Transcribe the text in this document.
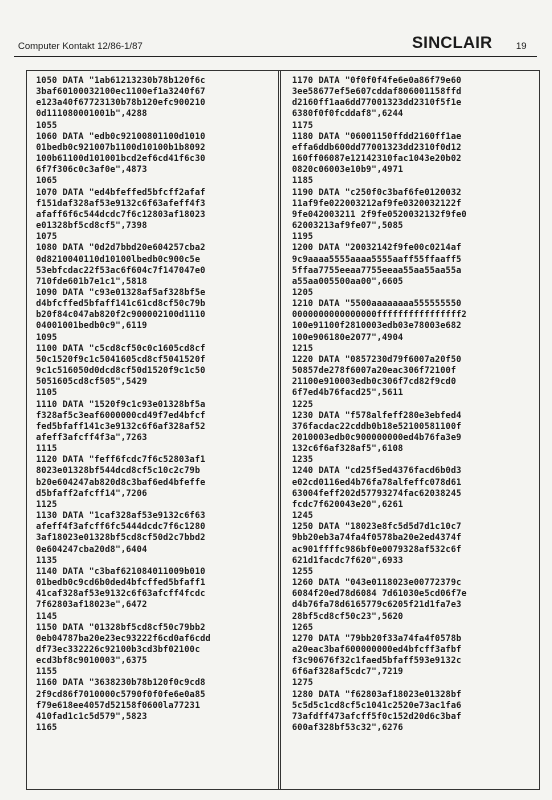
Computer Kontakt 12/86-1/87	SINCLAIR 19
1050 DATA "1ab61213230b78b120f6c
3baf60100032100ec1100ef1a3240f67
e123a40f67723130b78b120efc900210
0d111080001001b",4288
1055
1060 DATA "edb0c92100801100d1010
01bedb0c921007b1100d10100b1b8092
100b61100d101001bcd2ef6cd41f6c30
6f7f306c0c3af0e",4873
1065
1070 DATA "ed4bfeffed5bfcff2afaf
f151daf328af53e9132c6f63afeff4f3
afaff6f6c544dcdc7f6c12803af18023
e01328bf5cd8cf5",7398
1075
1080 DATA "0d2d7bbd20e604257cba2
0d8210040110d10100lbedb0c900c5e
53ebfcdac22f53ac6f604c7f147047e0
710fde601b7e1c1",5818
1090 DATA "c93e01328af5af328bf5e
d4bfcffed5bfaff141c61cd8cf50c79b
b20f84c047ab820f2c900002100d1110
04001001bedb0c9",6119
1095
1100 DATA "c5cd8cf50c0c1605cd8cf
50c1520f9c1c5041605cd8cf5041520f
9c1c516050d0dcd8cf50d1520f9c1c50
5051605cd8cf505",5429
1105
1110 DATA "1520f9c1c93e01328bf5a
f328af5c3eaf6000000cd49f7ed4bfcf
fed5bfaff141c3e9132c6f6af328af52
afeff3afcff4f3a",7263
1115
1120 DATA "feff6fcdc7f6c52803af1
8023e01328bf544dcd8cf5c10c2c79b
b20e604247ab820d8c3baf6ed4bfeffe
d5bfaff2afcff14",7206
1125
1130 DATA "1caf328af53e9132c6f63
afeff4f3afcff6fc5444dcdc7f6c1280
3af18023e01328bf5cd8cf50d2c7bbd2
0e604247cba20d8",6404
1135
1140 DATA "c3baf621084011009b010
01bedb0c9cd6b0ded4bfcffed5bfaff1
41caf328af53e9132c6f63afcff4fcdc
7f62803af18023e",6472
1145
1150 DATA "01328bf5cd8cf50c79bb2
0eb04787ba20e23ec93222f6cd0af6cdd
df73ec332226c92100b3cd3bf02100c
ecd3bf8c9010003",6375
1155
1160 DATA "3638230b78b120f0c9cd8
2f9cd86f7010000c5790f0f0fe6e0a85
f79e618ee4057d52158f0600la77231
410fad1c1c5d579",5823
1165
1170 DATA "0f0f0f4fe6e0a86f79e60
3ee58677ef5e607cddaf806001158ffd
d2160ff1aa6dd77001323dd2310f5f1e
6380f0f0fcddaf8",6244
1175
1180 DATA "06001150ffdd2160ff1ae
effa6ddb600dd77001323dd2310f0d12
160ff06087e12142310fac1043e20b02
0820c06003e10b9",4971
1185
1190 DATA "c250f0c3baf6fe0120032
11af9fe022003212af9fe0320032122f
9fe042003211 2f9fe0520032132f9fe0
62003213af9fe07",5085
1195
1200 DATA "20032142f9fe00c0214af
9c9aaaa5555aaaa5555aaff55ffaaff5
5ffaa7755eeaa7755eeaa55aa55aa55a
a55aa005500aa00",6605
1205
1210 DATA "5500aaaaaaaa555555550
0000000000000000ffffffffffffffff2
100e91100f2810003edb03e78003e682
100e906180e2077",4904
1215
1220 DATA "0857230d79f6007a20f50
50857de278f6007a20eac306f72100f
21100e910003edb0c306f7cd82f9cd0
6f7ed4b76facd25",5611
1225
1230 DATA "f578alfeff280e3ebfed4
376facdac22cddb0b18e52100581100f
2010003edb0c900000000ed4b76fa3e9
132c6f6af328af5",6108
1235
1240 DATA "cd25f5ed4376facd6b0d3
e02cd0116ed4b76fa78alfeffc078d61
63004feff202d57793274fac62038245
fcdc7f620043e20",6261
1245
1250 DATA "18023e8fc5d5d7d1c10c7
9bb20eb3a74fa4f0578ba20e2ed4374f
ac901ffffc986bf0e0079328af532c6f
621d1facdc7f620",6933
1255
1260 DATA "043e0118023e00772379c
6084f20ed78d6084 7d61030e5cd06f7e
d4b76fa78d6165779c6205f21d1fa7e3
28bf5cd8cf50c23",5620
1265
1270 DATA "79bb20f33a74fa4f0578b
a20eac3baf600000000ed4bfcff3afbf
f3c90676f32c1faed5bfaff593e9132c
6f6af328af5cdc7",7219
1275
1280 DATA "f62803af18023e01328bf
5c5d5c1cd8cf5c1041c2520e73ac1fa6
73afdff473afcff5f0c152d20d6c3baf
600af328bf53c32",6276
